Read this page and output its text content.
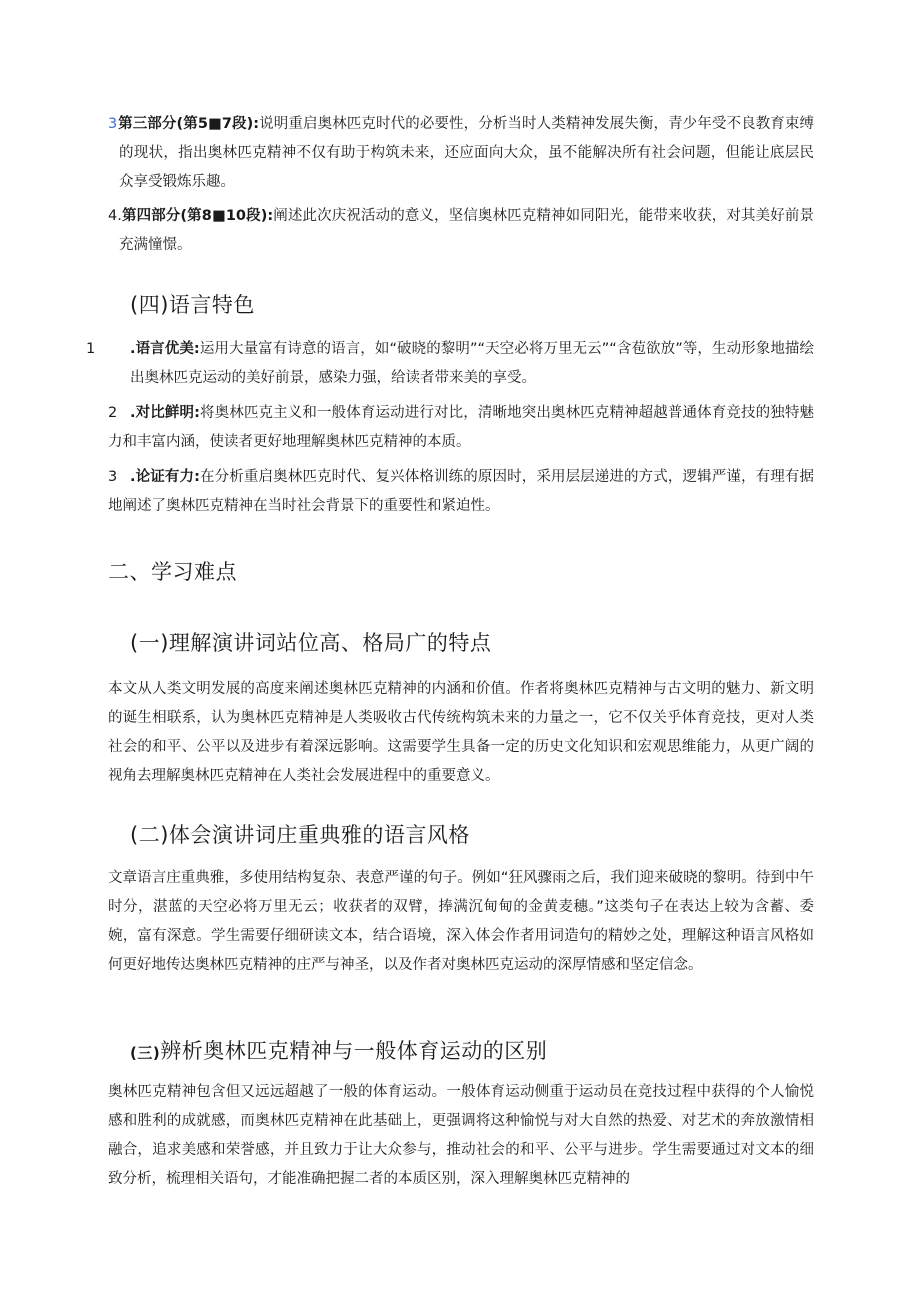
3第三部分(第5■7段):说明重启奥林匹克时代的必要性，分析当时人类精神发展失衡，青少年受不良教育束缚的现状，指出奥林匹克精神不仅有助于构筑未来，还应面向大众，虽不能解决所有社会问题，但能让底层民众享受锻炼乐趣。
4.第四部分(第8■10段):阐述此次庆祝活动的意义，坚信奥林匹克精神如同阳光，能带来收获，对其美好前景充满憧憬。
(四)语言特色
1 .语言优美:运用大量富有诗意的语言，如“破晓的黎明”“天空必将万里无云”“含苞欲放”等，生动形象地描绘出奥林匹克运动的美好前景，感染力强，给读者带来美的享受。
2 .对比鲜明:将奥林匹克主义和一般体育运动进行对比，清晰地突出奥林匹克精神超越普通体育竞技的独特魅力和丰富内涵，使读者更好地理解奥林匹克精神的本质。
3 .论证有力:在分析重启奥林匹克时代、复兴体格训练的原因时，采用层层递进的方式，逻辑严谨，有理有据地阐述了奥林匹克精神在当时社会背景下的重要性和紧迫性。
二、学习难点
(一)理解演讲词站位高、格局广的特点
本文从人类文明发展的高度来阐述奥林匹克精神的内涵和价值。作者将奥林匹克精神与古文明的魅力、新文明的诞生相联系，认为奥林匹克精神是人类吸收古代传统构筑未来的力量之一，它不仅关乎体育竞技，更对人类社会的和平、公平以及进步有着深远影响。这需要学生具备一定的历史文化知识和宏观思维能力，从更广阔的视角去理解奥林匹克精神在人类社会发展进程中的重要意义。
(二)体会演讲词庄重典雅的语言风格
文章语言庄重典雅，多使用结构复杂、表意严谨的句子。例如“狂风骤雨之后，我们迎来破晓的黎明。待到中午时分，湛蓝的天空必将万里无云；收获者的双臂，捧满沉甸甸的金黄麦穗。”这类句子在表达上较为含蓄、委婉，富有深意。学生需要仔细研读文本，结合语境，深入体会作者用词造句的精妙之处，理解这种语言风格如何更好地传达奥林匹克精神的庄严与神圣，以及作者对奥林匹克运动的深厚情感和坚定信念。
(三)辨析奥林匹克精神与一般体育运动的区别
奥林匹克精神包含但又远远超越了一般的体育运动。一般体育运动侧重于运动员在竞技过程中获得的个人愉悦感和胜利的成就感，而奥林匹克精神在此基础上，更强调将这种愉悦与对大自然的热爱、对艺术的奔放激情相融合，追求美感和荣誉感，并且致力于让大众参与，推动社会的和平、公平与进步。学生需要通过对文本的细致分析，梳理相关语句，才能准确把握二者的本质区别，深入理解奥林匹克精神的
